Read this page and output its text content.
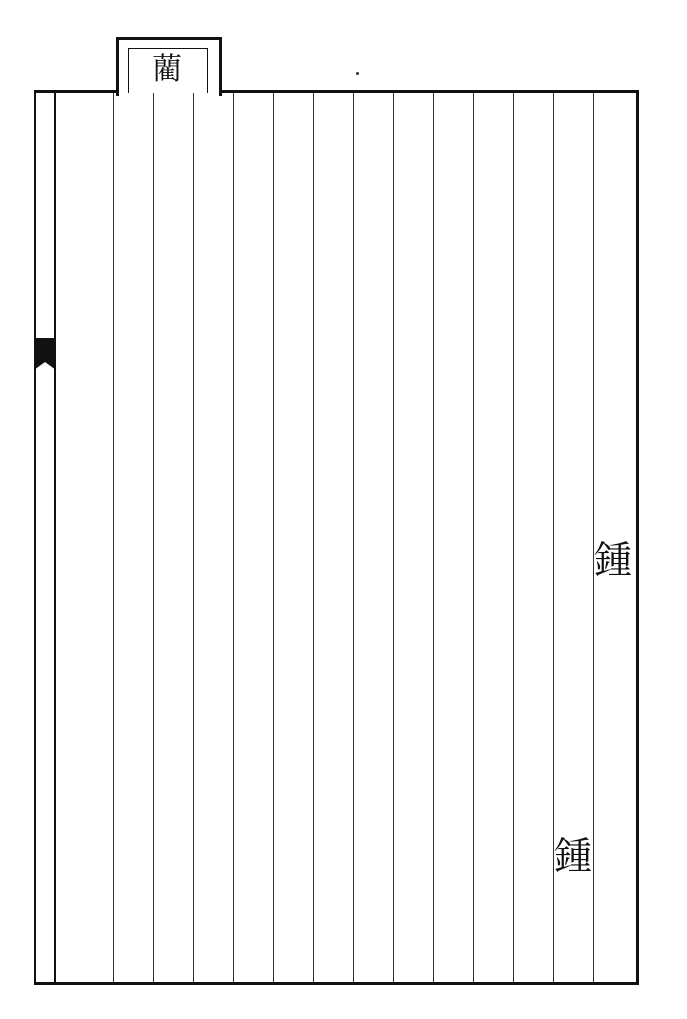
藺

鍾

鍾
